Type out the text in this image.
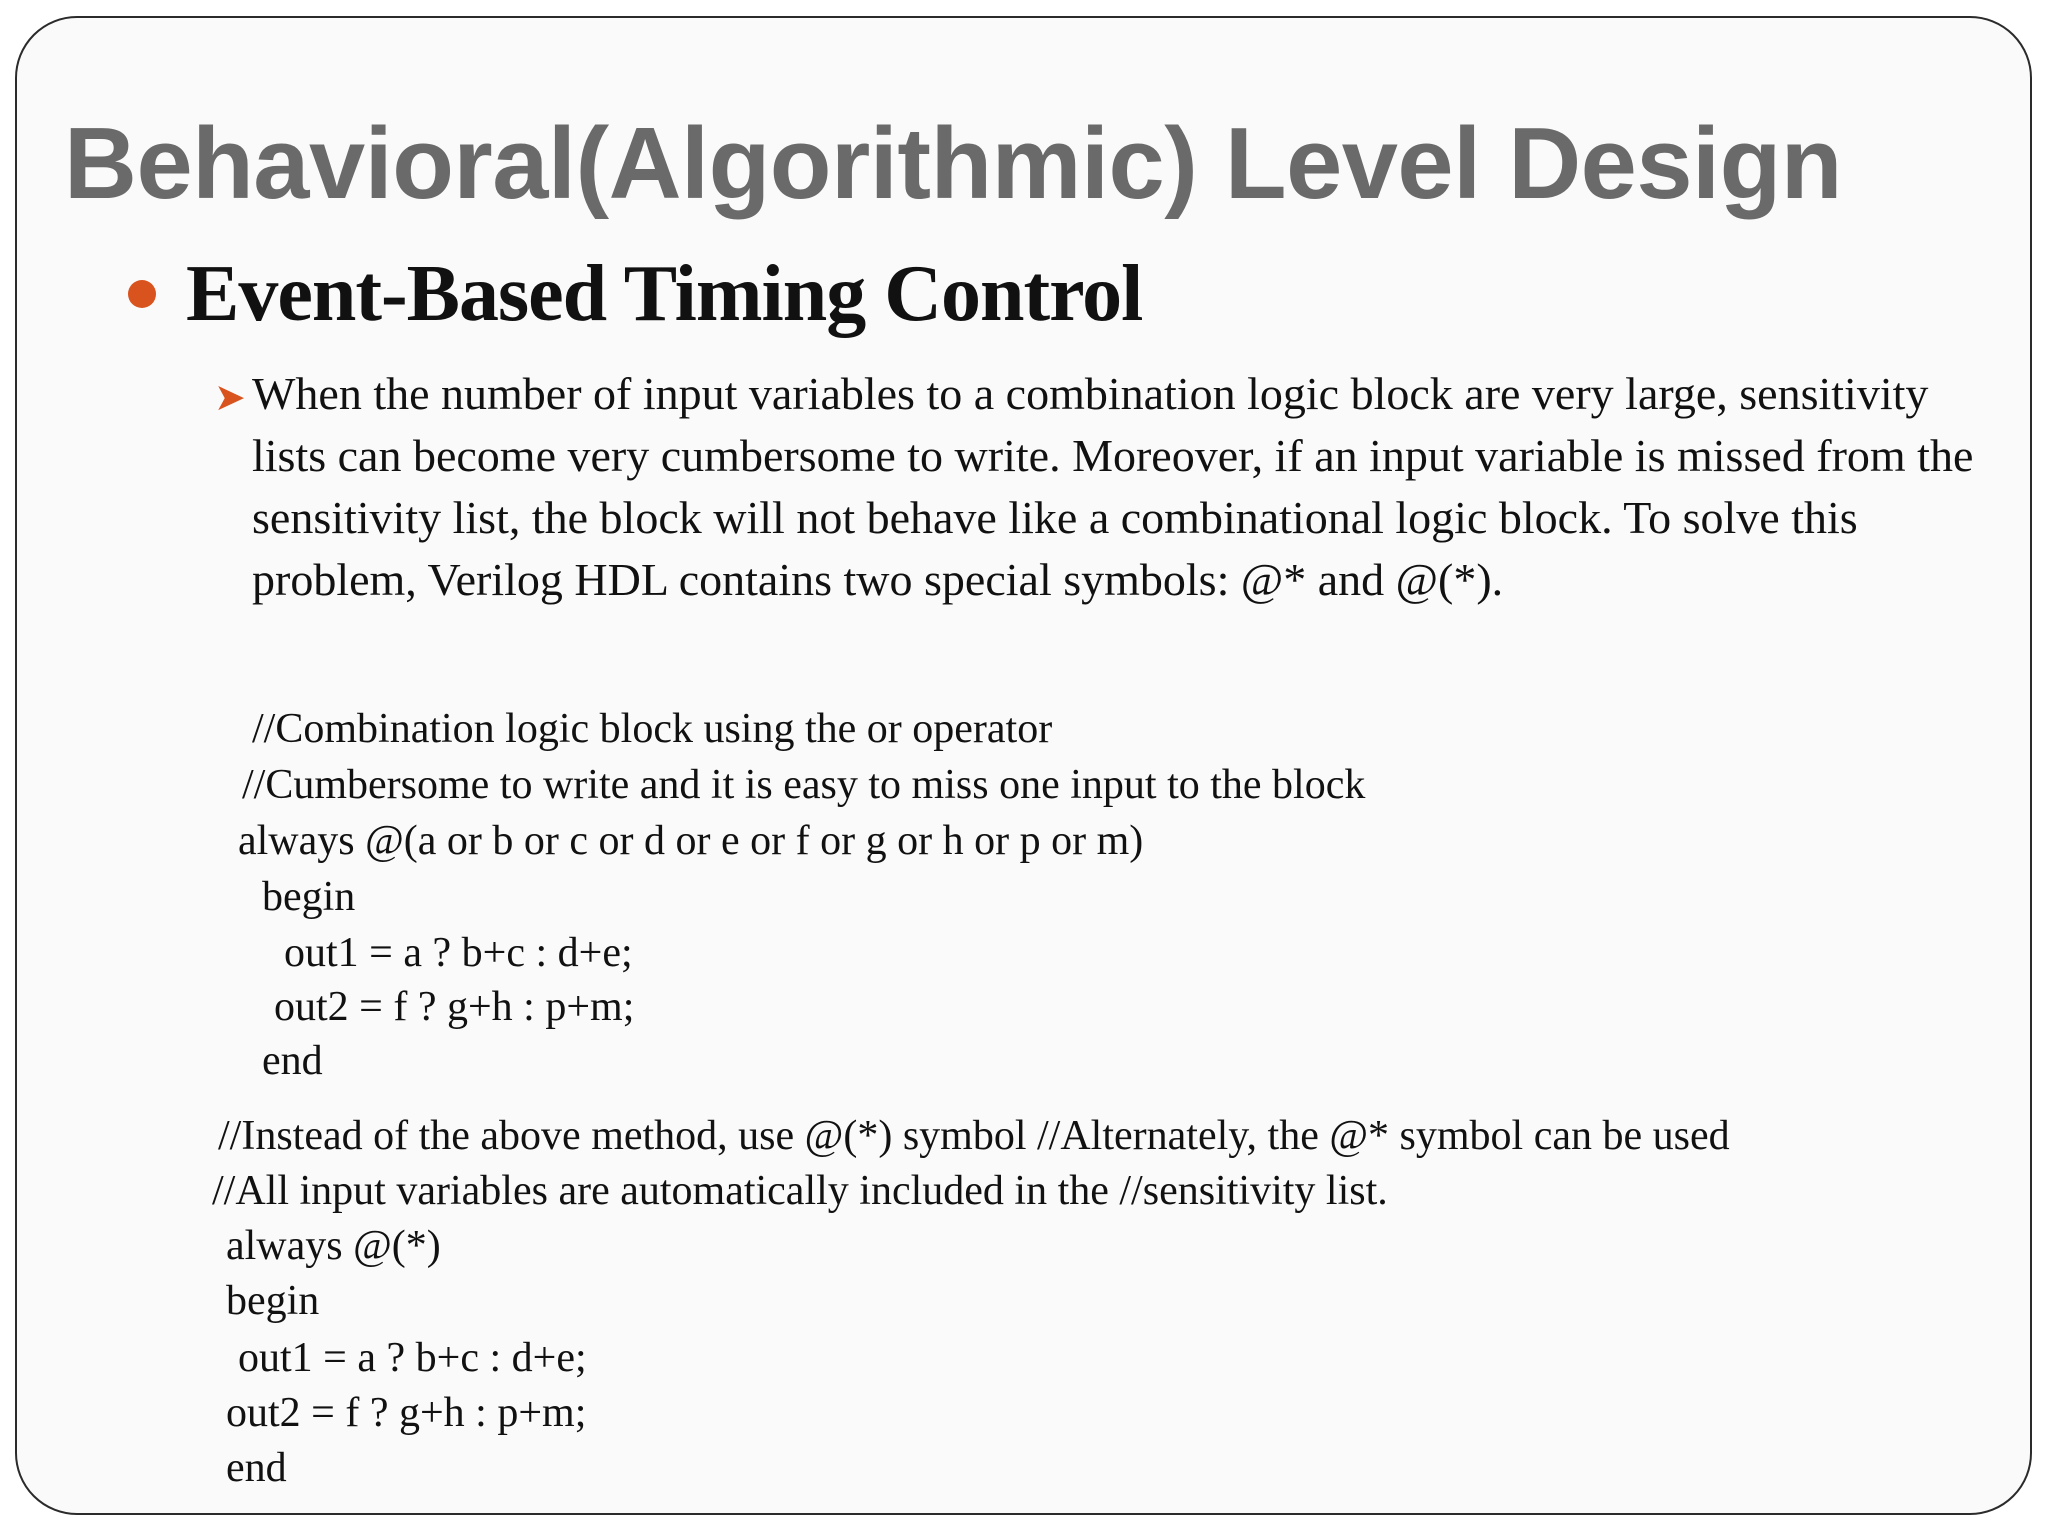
Behavioral(Algorithmic) Level Design
Event-Based Timing Control
➤ When the number of input variables to a combination logic block are very large, sensitivity lists can become very cumbersome to write. Moreover, if an input variable is missed from the sensitivity list, the block will not behave like a combinational logic block. To solve this problem, Verilog HDL contains two special symbols: @* and @(*).
//Combination logic block using the or operator
//Cumbersome to write and it is easy to miss one input to the block
always @(a or b or c or d or e or f or g or h or p or m)
begin
out1 = a ? b+c : d+e;
out2 = f ? g+h : p+m;
end
//Instead of the above method, use @(*) symbol //Alternately, the @* symbol can be used
//All input variables are automatically included in the //sensitivity list.
always @(*)
begin
out1 = a ? b+c : d+e;
out2 = f ? g+h : p+m;
end
